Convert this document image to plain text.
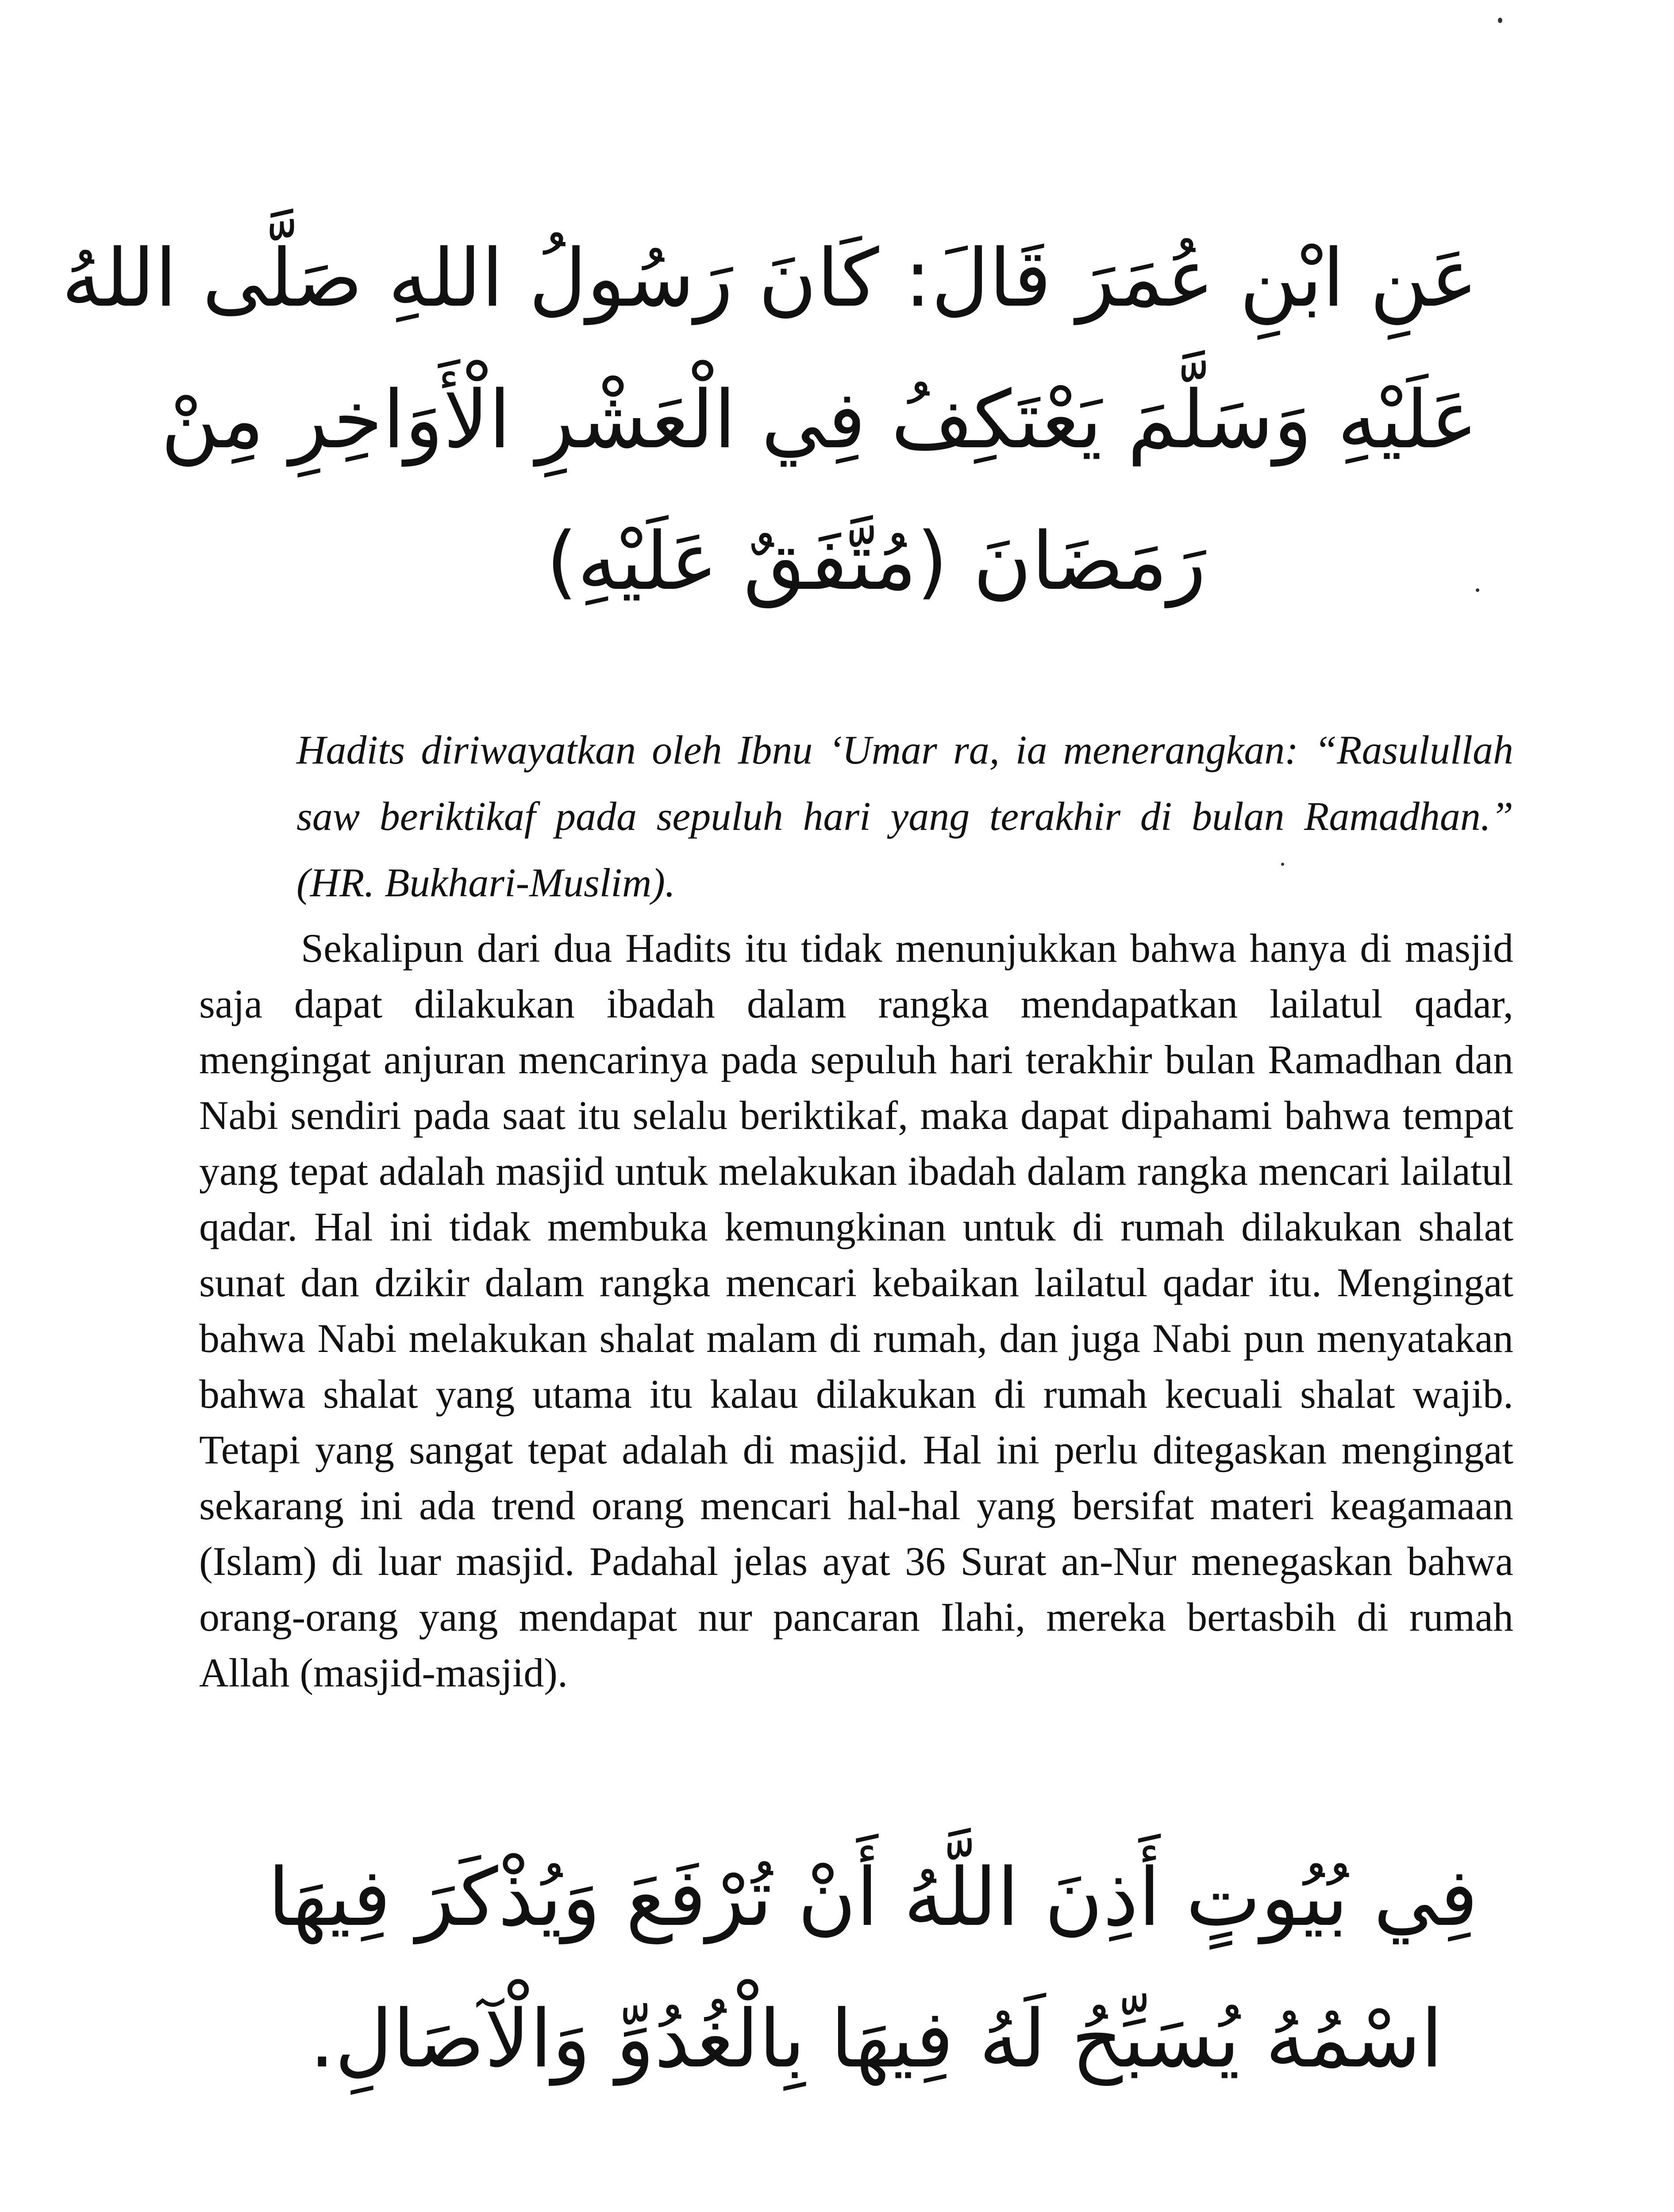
عَنِ ابْنِ عُمَرَ قَالَ: كَانَ رَسُولُ اللهِ صَلَّى اللهُ
عَلَيْهِ وَسَلَّمَ يَعْتَكِفُ فِي الْعَشْرِ الْأَوَاخِرِ مِنْ
رَمَضَانَ (مُتَّفَقٌ عَلَيْهِ)
Hadits diriwayatkan oleh Ibnu ‘Umar ra, ia menerangkan: “Rasulullah saw beriktikaf pada sepuluh hari yang terakhir di bulan Ramadhan.” (HR. Bukhari-Muslim).
Sekalipun dari dua Hadits itu tidak menunjukkan bahwa hanya di masjid saja dapat dilakukan ibadah dalam rangka mendapatkan lailatul qadar, mengingat anjuran mencarinya pada sepuluh hari terakhir bulan Ramadhan dan Nabi sendiri pada saat itu selalu beriktikaf, maka dapat dipahami bahwa tempat yang tepat adalah masjid untuk melakukan ibadah dalam rangka mencari lailatul qadar. Hal ini tidak membuka kemungkinan untuk di rumah dilakukan shalat sunat dan dzikir dalam rangka mencari kebaikan lailatul qadar itu. Mengingat bahwa Nabi melakukan shalat malam di rumah, dan juga Nabi pun menyatakan bahwa shalat yang utama itu kalau dilakukan di rumah kecuali shalat wajib. Tetapi yang sangat tepat adalah di masjid. Hal ini perlu ditegaskan mengingat sekarang ini ada trend orang mencari hal-hal yang bersifat materi keagamaan (Islam) di luar masjid. Padahal jelas ayat 36 Surat an-Nur menegaskan bahwa orang-orang yang mendapat nur pancaran Ilahi, mereka bertasbih di rumah Allah (masjid-masjid).
فِي بُيُوتٍ أَذِنَ اللَّهُ أَنْ تُرْفَعَ وَيُذْكَرَ فِيهَا
اسْمُهُ يُسَبِّحُ لَهُ فِيهَا بِالْغُدُوِّ وَالْآصَالِ.
